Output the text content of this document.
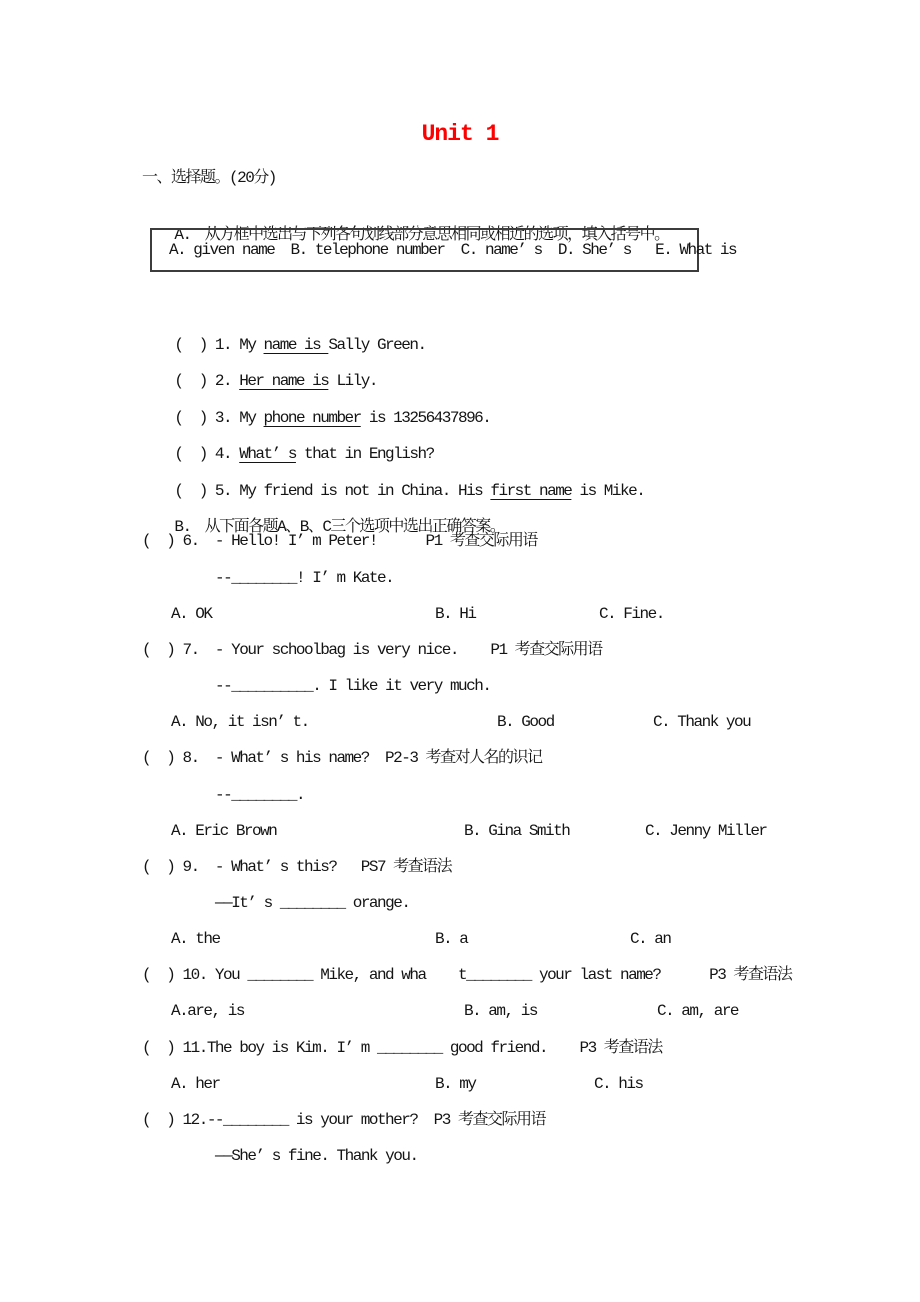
Unit 1
一、选择题。(20分)

A. 从方框中选出与下列各句划线部分意思相同或相近的选项，填入括号中。

A. given name  B. telephone number  C. name’ s  D. She’ s   E. What is

(  ) 1. My name is Sally Green.

(  ) 2. Her name is Lily.

(  ) 3. My phone number is 13256437896.

(  ) 4. What’ s that in English?

(  ) 5. My friend is not in China. His first name is Mike.

B. 从下面各题A、B、C三个选项中选出正确答案。

(  ) 6.  - Hello! I’ m Peter!      P1 考查交际用语
--________! I’ m Kate.
A. OK	B. Hi	C. Fine.
(  ) 7.  - Your schoolbag is very nice.    P1 考查交际用语
--__________. I like it very much.
A. No, it isn’ t.	B. Good	C. Thank you
(  ) 8.  - What’ s his name?  P2-3 考查对人名的识记
--________.
A. Eric Brown	B. Gina Smith	C. Jenny Miller
(  ) 9.  - What’ s this?   PS7 考查语法
——It’ s ________ orange.
A. the	B. a	C. an
(  ) 10. You ________ Mike, and wha    t________ your last name?      P3 考查语法
A.are, is	B. am, is	C. am, are
(  ) 11.The boy is Kim. I’ m ________ good friend.    P3 考查语法
A. her	B. my	C. his
(  ) 12.--________ is your mother?  P3 考查交际用语
——She’ s fine. Thank you.
